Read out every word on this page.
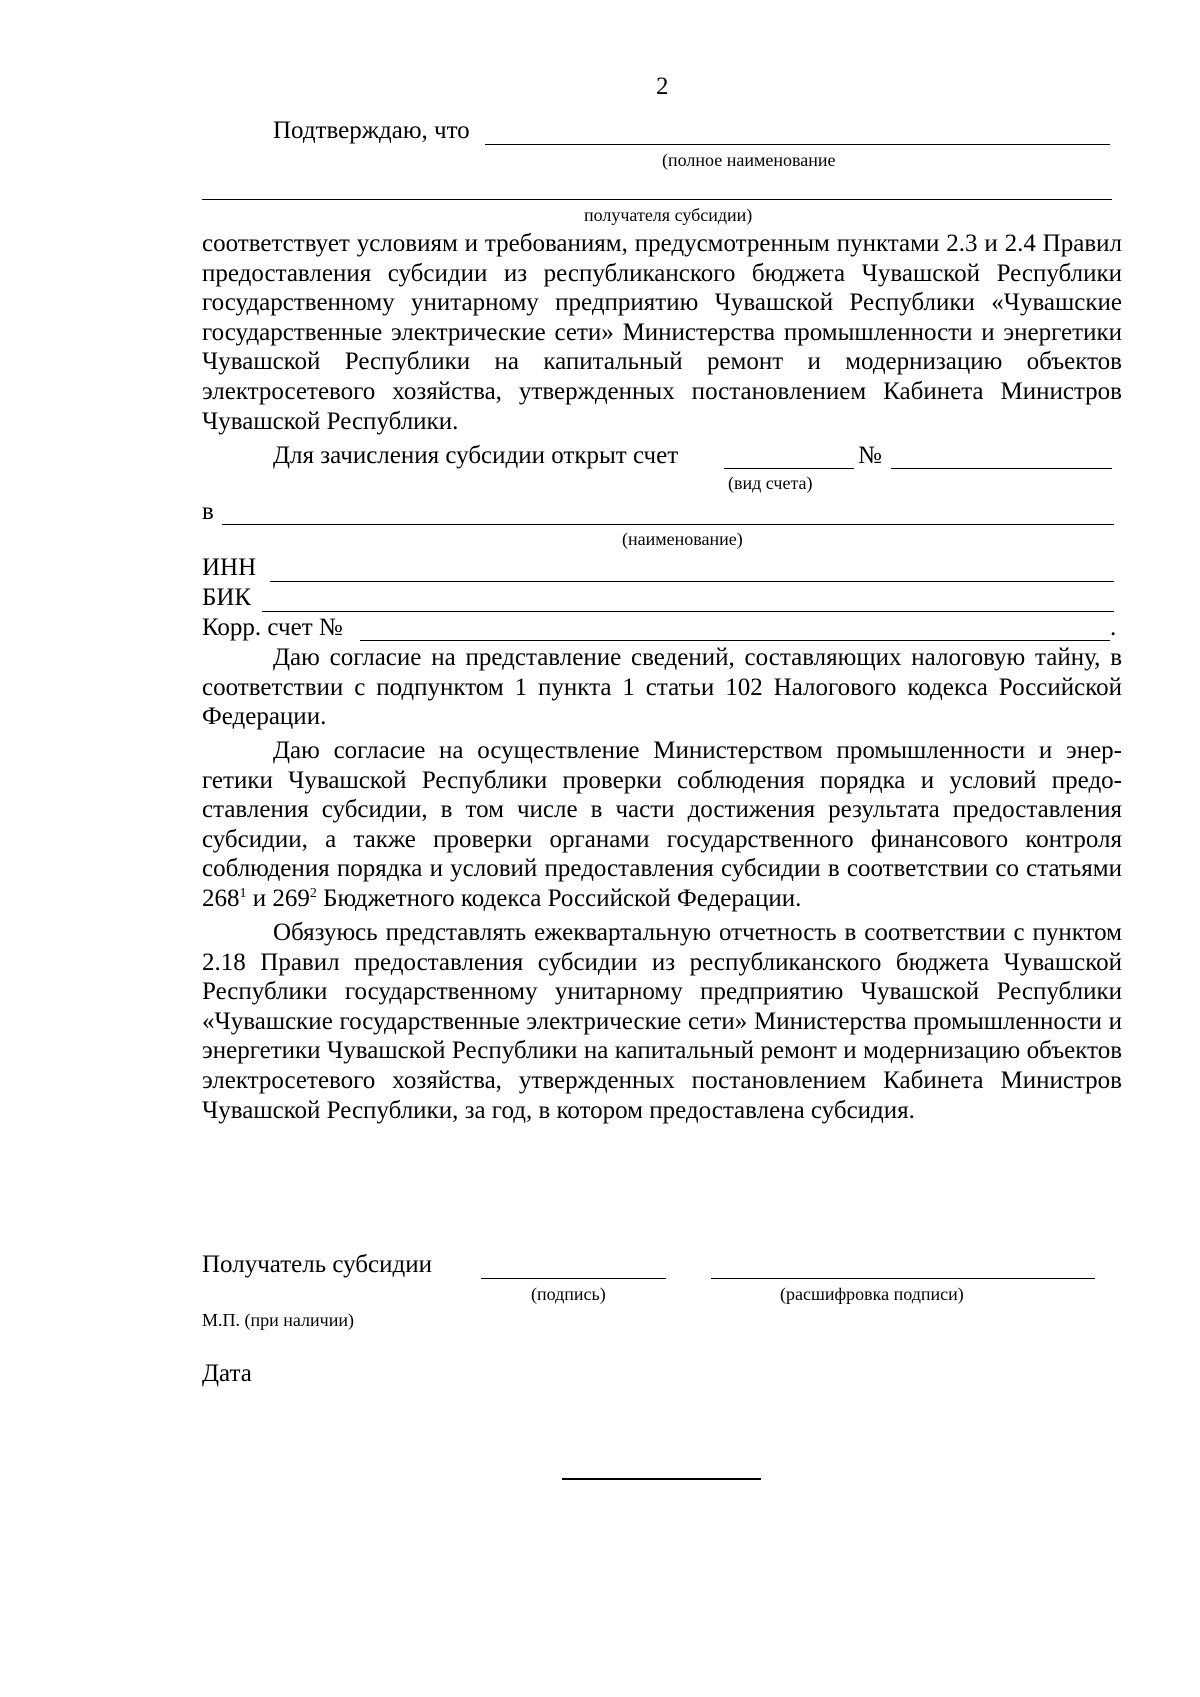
2
Подтверждаю, что
(полное наименование
получателя субсидии)

соответствует условиям и требованиям, предусмотренным пунктами 2.3 и 2.4 Правил предоставления субсидии из республиканского бюджета Чувашской Республики государственному унитарному предприятию Чувашской Республики «Чувашские государственные электрические сети» Министерства промышленности и энергетики Чувашской Республики на капитальный ремонт и модернизацию объектов электросетевого хозяйства, утвержденных постановлением Кабинета Министров Чувашской Республики.

Для зачисления субсидии открыт счет	№
(вид счета)
в
(наименование)
ИНН
БИК
Корр. счет №	.

Даю согласие на представление сведений, составляющих налоговую тайну, в соответствии с подпунктом 1 пункта 1 статьи 102 Налогового кодекса Российской Федерации.

Даю согласие на осуществление Министерством промышленности и энергетики Чувашской Республики проверки соблюдения порядка и условий предоставления субсидии, в том числе в части достижения результата предоставления субсидии, а также проверки органами государственного финансового контроля соблюдения порядка и условий предоставления субсидии в соответствии со статьями $268^1$ и $269^2$ Бюджетного кодекса Российской Федерации.

Обязуюсь представлять ежеквартальную отчетность в соответствии с пунктом 2.18 Правил предоставления субсидии из республиканского бюджета Чувашской Республики государственному унитарному предприятию Чувашской Республики «Чувашские государственные электрические сети» Министерства промышленности и энергетики Чувашской Республики на капитальный ремонт и модернизацию объектов электросетевого хозяйства, утвержденных постановлением Кабинета Министров Чувашской Республики, за год, в котором предоставлена субсидия.

Получатель субсидии
(подпись)	(расшифровка подписи)
М.П. (при наличии)
Дата
